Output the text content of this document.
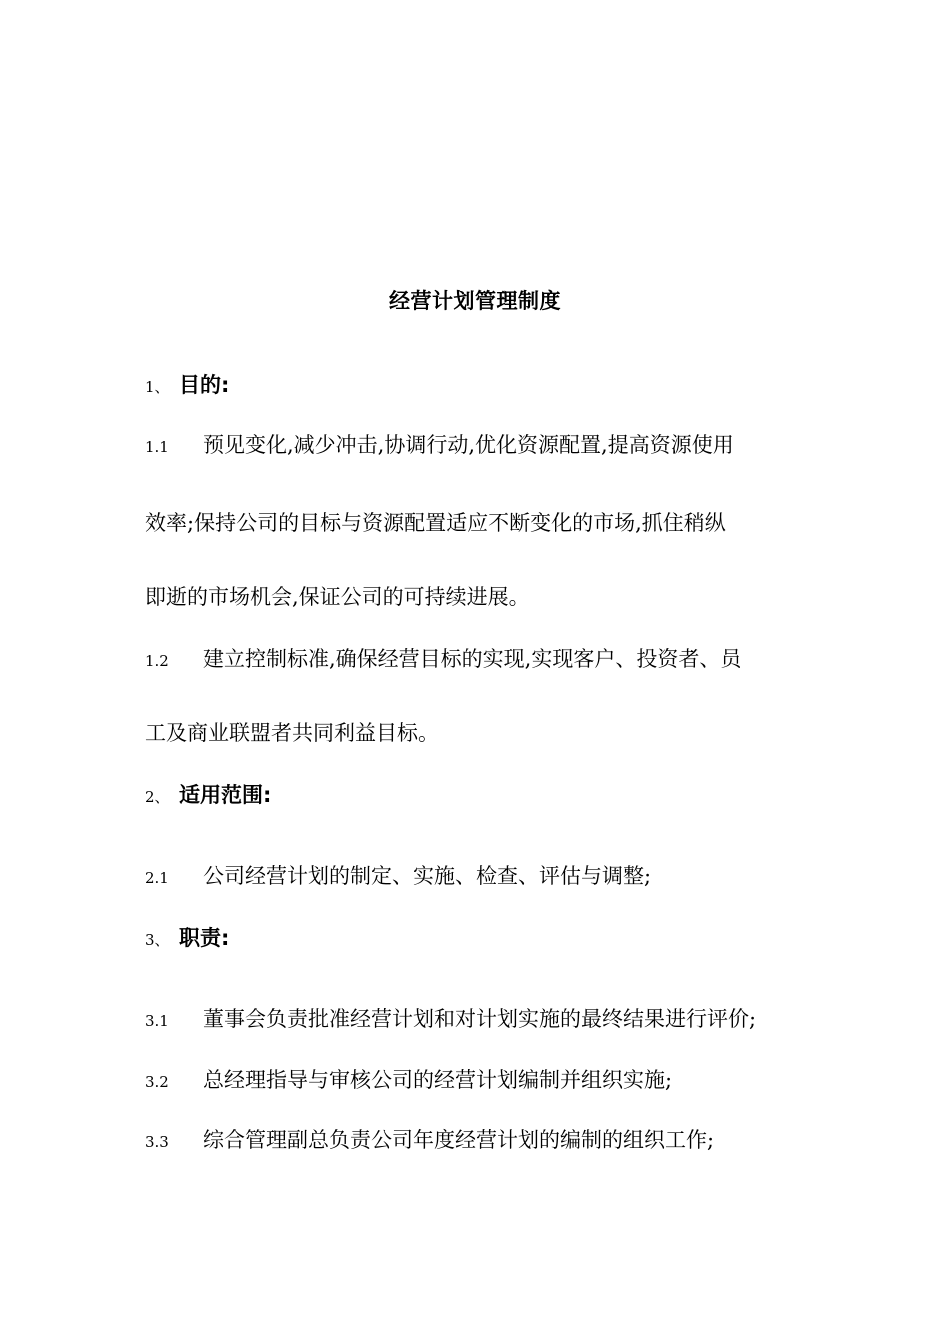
经营计划管理制度
1、 目的:
1.1 预见变化,减少冲击,协调行动,优化资源配置,提高资源使用
效率;保持公司的目标与资源配置适应不断变化的市场,抓住稍纵
即逝的市场机会,保证公司的可持续进展。
1.2 建立控制标准,确保经营目标的实现,实现客户、投资者、员
工及商业联盟者共同利益目标。
2、 适用范围:
2.1 公司经营计划的制定、实施、检查、评估与调整;
3、 职责:
3.1 董事会负责批准经营计划和对计划实施的最终结果进行评价;
3.2 总经理指导与审核公司的经营计划编制并组织实施;
3.3 综合管理副总负责公司年度经营计划的编制的组织工作;
